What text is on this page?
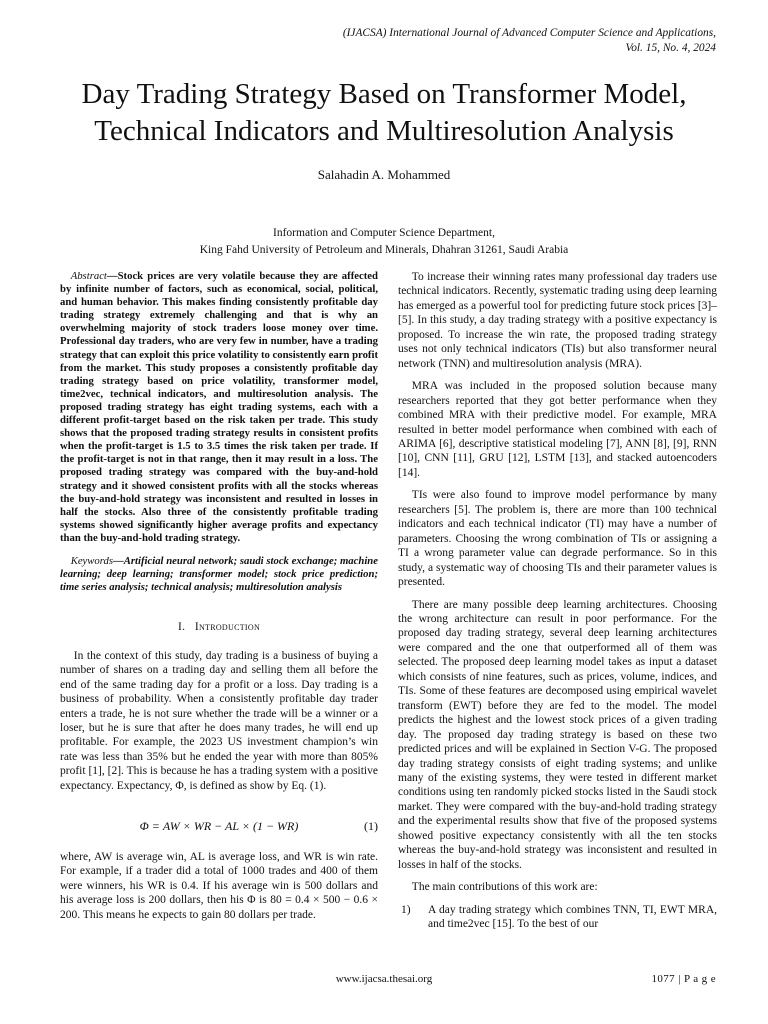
(IJACSA) International Journal of Advanced Computer Science and Applications,
Vol. 15, No. 4, 2024
Day Trading Strategy Based on Transformer Model,
Technical Indicators and Multiresolution Analysis
Salahadin A. Mohammed
Information and Computer Science Department,
King Fahd University of Petroleum and Minerals, Dhahran 31261, Saudi Arabia

Abstract—Stock prices are very volatile because they are affected by infinite number of factors, such as economical, social, political, and human behavior. This makes finding consistently profitable day trading strategy extremely challenging and that is why an overwhelming majority of stock traders loose money over time. Professional day traders, who are very few in number, have a trading strategy that can exploit this price volatility to consistently earn profit from the market. This study proposes a consistently profitable day trading strategy based on price volatility, transformer model, time2vec, technical indicators, and multiresolution analysis. The proposed trading strategy has eight trading systems, each with a different profit-target based on the risk taken per trade. This study shows that the proposed trading strategy results in consistent profits when the profit-target is 1.5 to 3.5 times the risk taken per trade. If the profit-target is not in that range, then it may result in a loss. The proposed trading strategy was compared with the buy-and-hold strategy and it showed consistent profits with all the stocks whereas the buy-and-hold strategy was inconsistent and resulted in losses in half the stocks. Also three of the consistently profitable trading systems showed significantly higher average profits and expectancy than the buy-and-hold trading strategy.

Keywords—Artificial neural network; saudi stock exchange; machine learning; deep learning; transformer model; stock price prediction; time series analysis; technical analysis; multiresolution analysis

I. Introduction

In the context of this study, day trading is a business of buying a number of shares on a trading day and selling them all before the end of the same trading day for a profit or a loss. Day trading is a business of probability. When a consistently profitable day trader enters a trade, he is not sure whether the trade will be a winner or a loser, but he is sure that after he does many trades, he will end up profitable. For example, the 2023 US investment champion’s win rate was less than 35% but he ended the year with more than 805% profit [1], [2]. This is because he has a trading system with a positive expectancy. Expectancy, Φ, is defined as show by Eq. (1).

Φ = AW × WR − AL × (1 − WR)	(1)

where, AW is average win, AL is average loss, and WR is win rate. For example, if a trader did a total of 1000 trades and 400 of them were winners, his WR is 0.4. If his average win is 500 dollars and his average loss is 200 dollars, then his Φ is 80 = 0.4 × 500 − 0.6 × 200. This means he expects to gain 80 dollars per trade.

To increase their winning rates many professional day traders use technical indicators. Recently, systematic trading using deep learning has emerged as a powerful tool for predicting future stock prices [3]–[5]. In this study, a day trading strategy with a positive expectancy is proposed. To increase the win rate, the proposed trading strategy uses not only technical indicators (TIs) but also transformer neural network (TNN) and multiresolution analysis (MRA).

MRA was included in the proposed solution because many researchers reported that they got better performance when they combined MRA with their predictive model. For example, MRA resulted in better model performance when combined with each of ARIMA [6], descriptive statistical modeling [7], ANN [8], [9], RNN [10], CNN [11], GRU [12], LSTM [13], and stacked autoencoders [14].

TIs were also found to improve model performance by many researchers [5]. The problem is, there are more than 100 technical indicators and each technical indicator (TI) may have a number of parameters. Choosing the wrong combination of TIs or assigning a TI a wrong parameter value can degrade performance. So in this study, a systematic way of choosing TIs and their parameter values is presented.

There are many possible deep learning architectures. Choosing the wrong architecture can result in poor performance. For the proposed day trading strategy, several deep learning architectures were compared and the one that outperformed all of them was selected. The proposed deep learning model takes as input a dataset which consists of nine features, such as prices, volume, indices, and TIs. Some of these features are decomposed using empirical wavelet transform (EWT) before they are fed to the model. The model predicts the highest and the lowest stock prices of a given trading day. The proposed day trading strategy is based on these two predicted prices and will be explained in Section V-G. The proposed day trading strategy consists of eight trading systems; and unlike many of the existing systems, they were tested in different market conditions using ten randomly picked stocks listed in the Saudi stock market. They were compared with the buy-and-hold trading strategy and the experimental results show that five of the proposed systems showed positive expectancy consistently with all the ten stocks whereas the buy-and-hold strategy was inconsistent and resulted in losses in half of the stocks.

The main contributions of this work are:

1) A day trading strategy which combines TNN, TI, EWT MRA, and time2vec [15]. To the best of our
www.ijacsa.thesai.org	1077 | P a g e
